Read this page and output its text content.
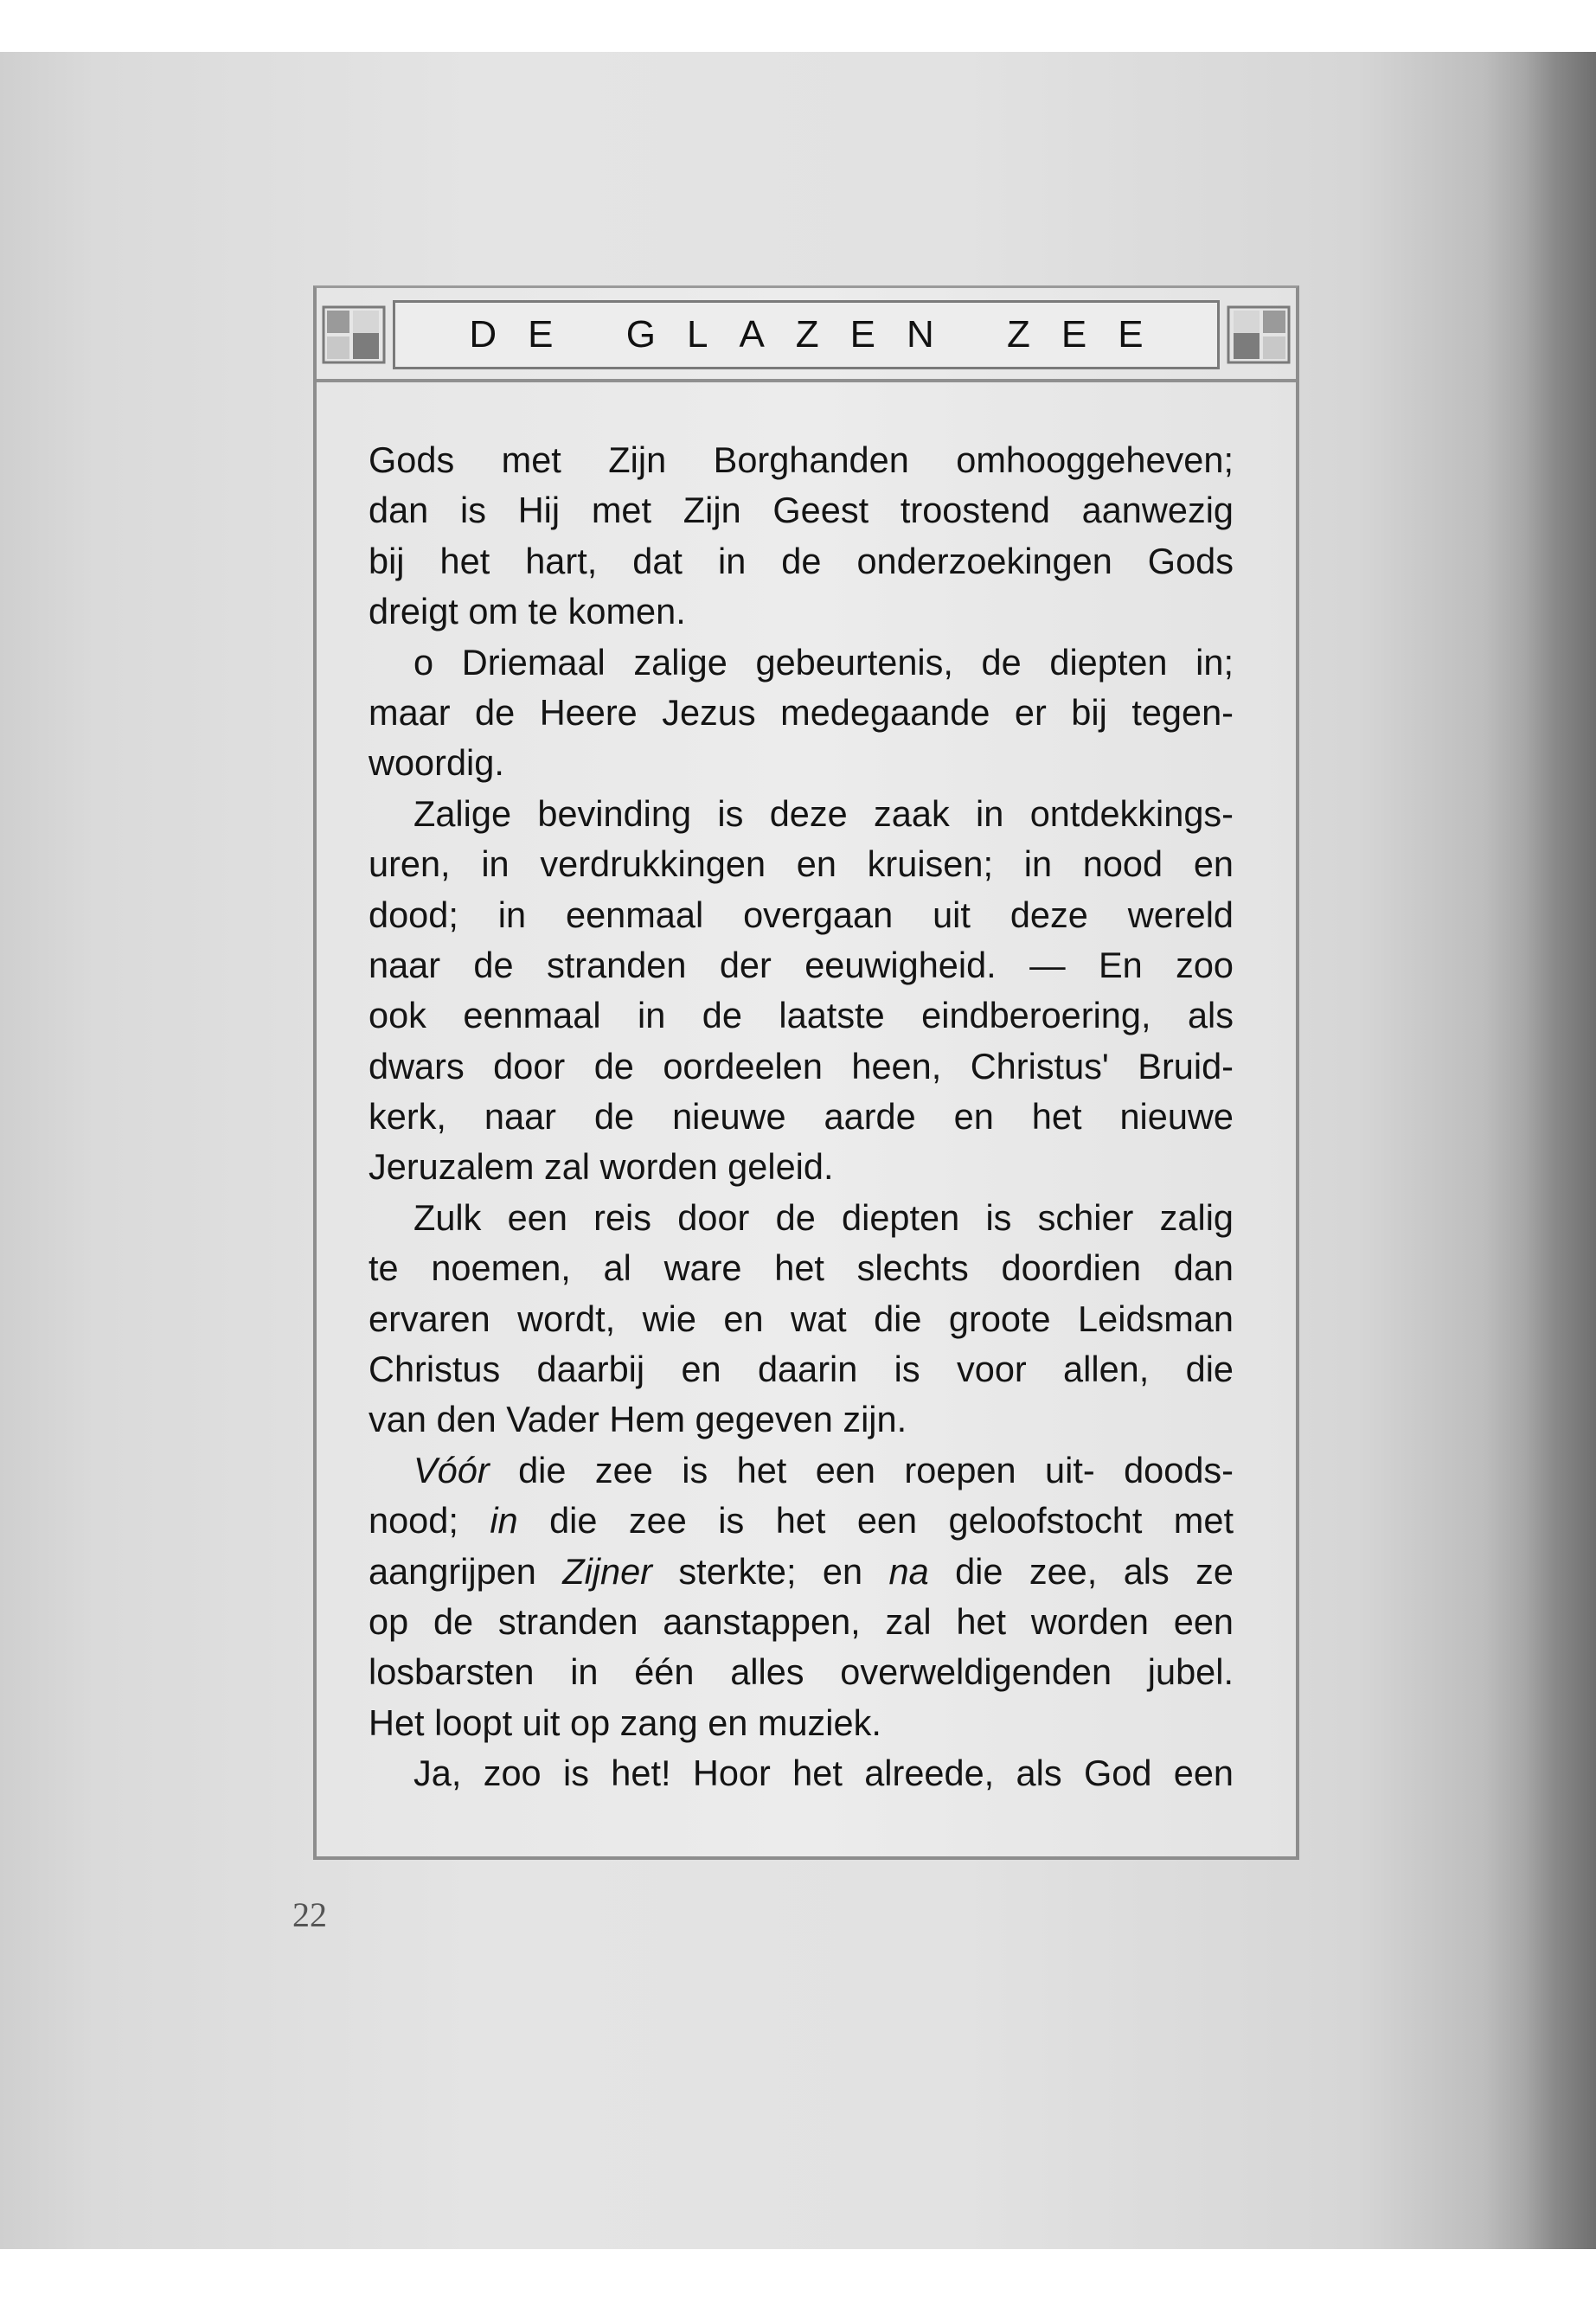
DE GLAZEN ZEE
Gods met Zijn Borghanden omhooggeheven;
dan is Hij met Zijn Geest troostend aanwezig
bij het hart, dat in de onderzoekingen Gods
dreigt om te komen.
o Driemaal zalige gebeurtenis, de diepten in;
maar de Heere Jezus medegaande er bij tegen-
woordig.
Zalige bevinding is deze zaak in ontdekkings-
uren, in verdrukkingen en kruisen; in nood en
dood; in eenmaal overgaan uit deze wereld
naar de stranden der eeuwigheid. — En zoo
ook eenmaal in de laatste eindberoering, als
dwars door de oordeelen heen, Christus' Bruid-
kerk, naar de nieuwe aarde en het nieuwe
Jeruzalem zal worden geleid.
Zulk een reis door de diepten is schier zalig
te noemen, al ware het slechts doordien dan
ervaren wordt, wie en wat die groote Leidsman
Christus daarbij en daarin is voor allen, die
van den Vader Hem gegeven zijn.
Vóór die zee is het een roepen uit- doods-
nood; in die zee is het een geloofstocht met
aangrijpen Zijner sterkte; en na die zee, als ze
op de stranden aanstappen, zal het worden een
losbarsten in één alles overweldigenden jubel.
Het loopt uit op zang en muziek.
Ja, zoo is het! Hoor het alreede, als God een
22
